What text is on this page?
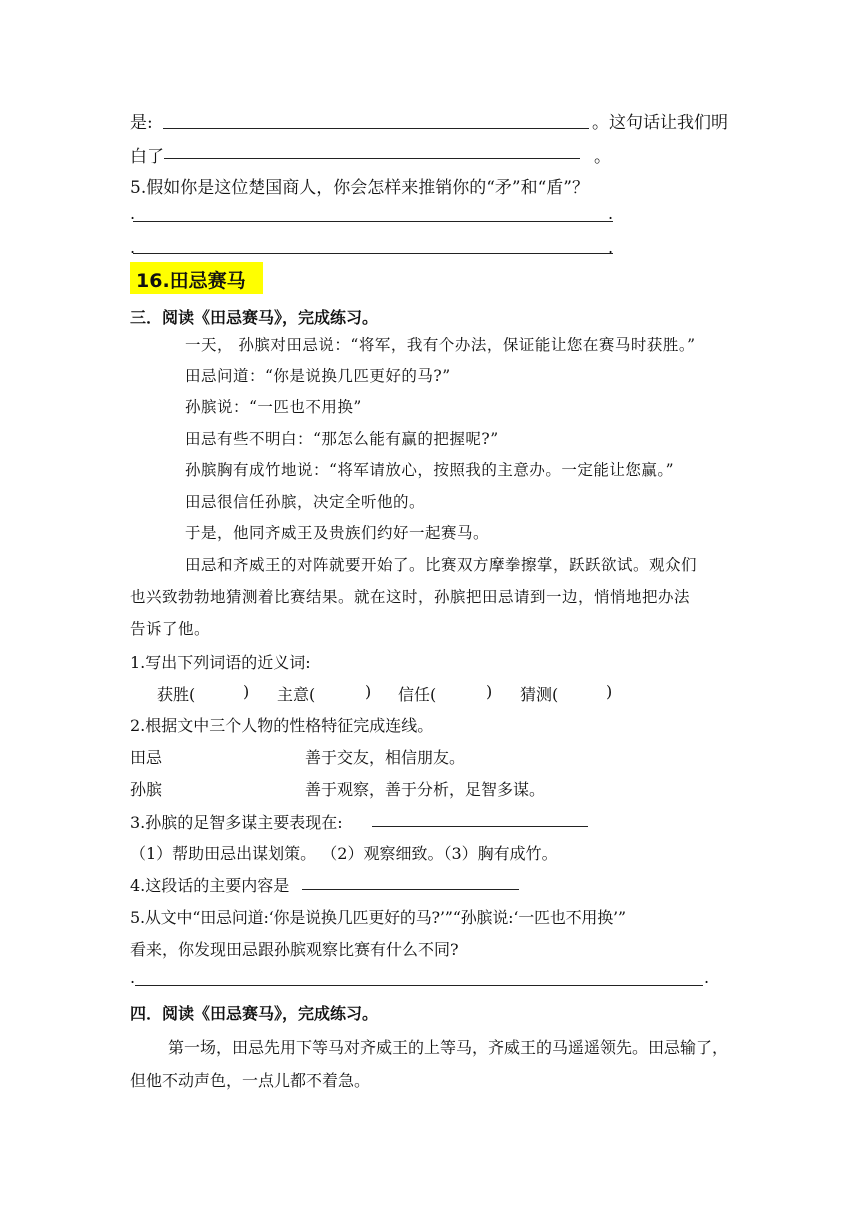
是:	。这句话让我们明
白了	。
5.假如你是这位楚国商人，你会怎样来推销你的“矛”和“盾”？
.	.
.	.
16.田忌赛马
三．阅读《田忌赛马》，完成练习。
一天， 孙膑对田忌说：“将军，我有个办法，保证能让您在赛马时获胜。”
田忌问道：“你是说换几匹更好的马?”
孙膑说：“一匹也不用换”
田忌有些不明白：“那怎么能有赢的把握呢?”
孙膑胸有成竹地说：“将军请放心，按照我的主意办。一定能让您赢。”
田忌很信任孙膑，决定全听他的。
于是，他同齐威王及贵族们约好一起赛马。
田忌和齐威王的对阵就要开始了。比赛双方摩拳擦掌，跃跃欲试。观众们
也兴致勃勃地猜测着比赛结果。就在这时，孙膑把田忌请到一边，悄悄地把办法
告诉了他。
1.写出下列词语的近义词:
获胜(	) 主意(	) 信任(	) 猜测(	)
2.根据文中三个人物的性格特征完成连线。
田忌	善于交友，相信朋友。
孙膑	善于观察，善于分析，足智多谋。
3.孙膑的足智多谋主要表现在:
（1）帮助田忌出谋划策。 （2）观察细致。（3）胸有成竹。
4.这段话的主要内容是
5.从文中“田忌问道:‘你是说换几匹更好的马?’”“孙膑说:‘一匹也不用换’”
看来，你发现田忌跟孙膑观察比赛有什么不同?
.	.
四．阅读《田忌赛马》，完成练习。
第一场，田忌先用下等马对齐威王的上等马，齐威王的马遥遥领先。田忌输了，
但他不动声色，一点儿都不着急。
